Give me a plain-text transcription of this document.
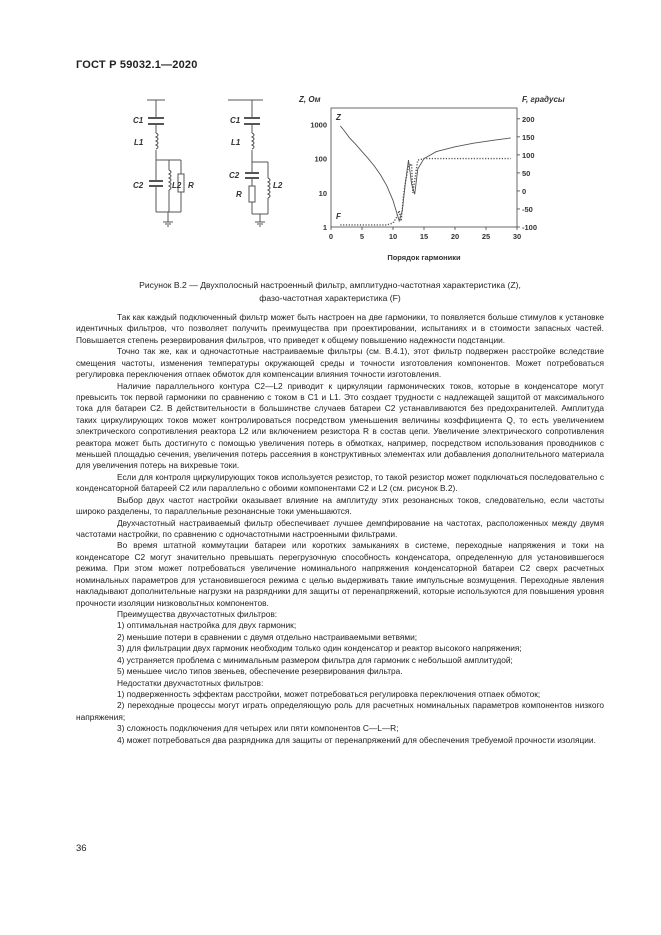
ГОСТ Р 59032.1—2020
C1
L1
C2	L2 R
C1
L1
C2
R
L2
Z, Ом	F, градусы
Порядок гармоники
Z
F
0	5	10	15	20	25	30
1
10
100
1000
-100
-50
0
50
100
150
200
Рисунок В.2 — Двухполосный настроенный фильтр, амплитудно-частотная характеристика (Z),
фазо-частотная характеристика (F)

Так как каждый подключенный фильтр может быть настроен на две гармоники, то появляется больше стимулов к установке идентичных фильтров, что позволяет получить преимущества при проектировании, испытаниях и в стоимости запасных частей. Повышается степень резервирования фильтров, что приведет к общему повышению надежности подстанции.

Точно так же, как и одночастотные настраиваемые фильтры (см. В.4.1), этот фильтр подвержен расстройке вследствие смещения частоты, изменения температуры окружающей среды и точности изготовления компонентов. Может потребоваться регулировка переключения отпаек обмоток для компенсации влияния точности изготовления.

Наличие параллельного контура С2—L2 приводит к циркуляции гармонических токов, которые в конденсаторе могут превысить ток первой гармоники по сравнению с током в С1 и L1. Это создает трудности с надлежащей защитой от максимального тока для батареи С2. В действительности в большинстве случаев батареи С2 устанавливаются без предохранителей. Амплитуда таких циркулирующих токов может контролироваться посредством уменьшения величины коэффициента Q, то есть увеличением электрического сопротивления реактора L2 или включением резистора R в состав цепи. Увеличение электрического сопротивления реактора может быть достигнуто с помощью увеличения потерь в обмотках, например, посредством использования проводников с меньшей площадью сечения, увеличения потерь рассеяния в конструктивных элементах или добавления дополнительного материала для увеличения потерь на вихревые токи.

Если для контроля циркулирующих токов используется резистор, то такой резистор может подключаться последовательно с конденсаторной батареей С2 или параллельно с обоими компонентами С2 и L2 (см. рисунок В.2).

Выбор двух частот настройки оказывает влияние на амплитуду этих резонансных токов, следовательно, если частоты широко разделены, то параллельные резонансные токи уменьшаются.

Двухчастотный настраиваемый фильтр обеспечивает лучшее демпфирование на частотах, расположенных между двумя частотами настройки, по сравнению с одночастотными настроенными фильтрами.

Во время штатной коммутации батареи или коротких замыканиях в системе, переходные напряжения и токи на конденсаторе С2 могут значительно превышать перегрузочную способность конденсатора, определенную для установившегося режима. При этом может потребоваться увеличение номинального напряжения конденсаторной батареи С2 сверх расчетных номинальных параметров для установившегося режима с целью выдерживать такие импульсные возмущения. Переходные явления накладывают дополнительные нагрузки на разрядники для защиты от перенапряжений, которые используются для повышения уровня прочности изоляции низковольтных компонентов.

Преимущества двухчастотных фильтров:

1) оптимальная настройка для двух гармоник;

2) меньшие потери в сравнении с двумя отдельно настраиваемыми ветвями;

3) для фильтрации двух гармоник необходим только один конденсатор и реактор высокого напряжения;

4) устраняется проблема с минимальным размером фильтра для гармоник с небольшой амплитудой;

5) меньшее число типов звеньев, обеспечение резервирования фильтра.

Недостатки двухчастотных фильтров:

1) подверженность эффектам расстройки, может потребоваться регулировка переключения отпаек обмоток;

2) переходные процессы могут играть определяющую роль для расчетных номинальных параметров компонентов низкого напряжения;

3) сложность подключения для четырех или пяти компонентов С—L—R;

4) может потребоваться два разрядника для защиты от перенапряжений для обеспечения требуемой прочности изоляции.

36
